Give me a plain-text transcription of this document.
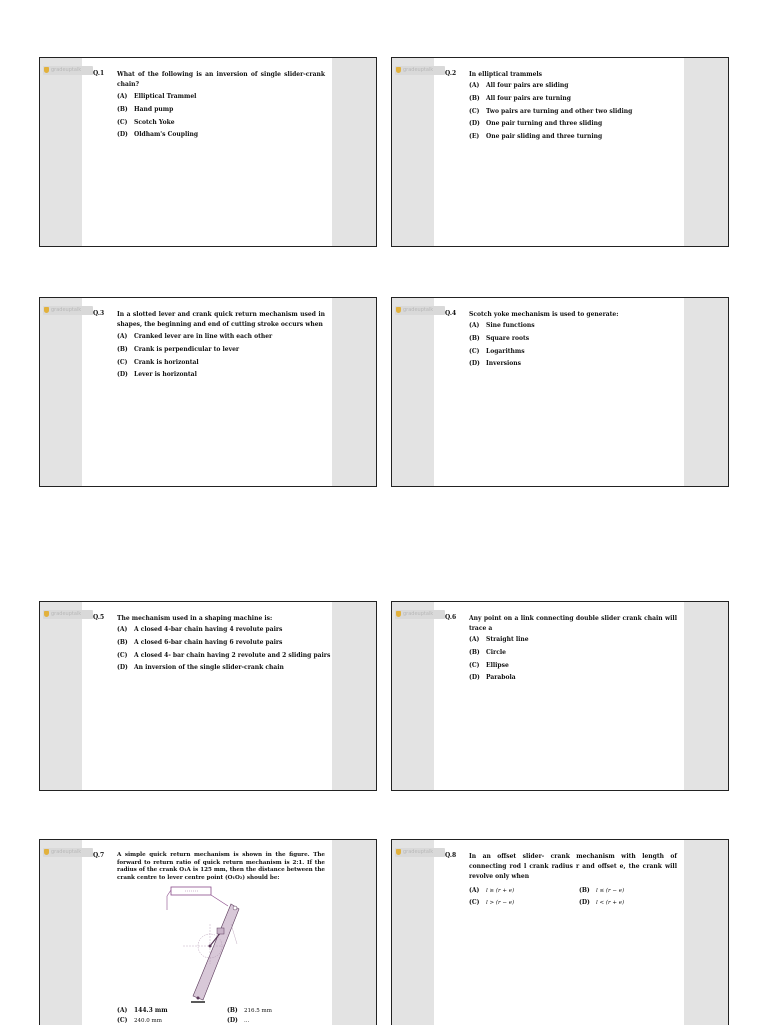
gradeuptalk	Q.1 What of the following is an inversion of single slider-crank chain?
(A)	Elliptical Trammel
(B)	Hand pump
(C)	Scotch Yoke
(D)	Oldham's Coupling
gradeuptalk	Q.2 In elliptical trammels
(A)	All four pairs are sliding
(B)	All four pairs are turning
(C)	Two pairs are turning and other two sliding
(D)	One pair turning and three sliding
(E)	One pair sliding and three turning
gradeuptalk	Q.3 In a slotted lever and crank quick return mechanism used in shapes, the beginning and end of cutting stroke occurs when
(A)	Cranked lever are in line with each other
(B)	Crank is perpendicular to lever
(C)	Crank is horizontal
(D)	Lever is horizontal
gradeuptalk	Q.4 Scotch yoke mechanism is used to generate:
(A)	Sine functions
(B)	Square roots
(C)	Logarithms
(D)	Inversions
gradeuptalk	Q.5 The mechanism used in a shaping machine is:
(A)	A closed 4-bar chain having 4 revolute pairs
(B)	A closed 6-bar chain having 6 revolute pairs
(C)	A closed 4- bar chain having 2 revolute and 2 sliding pairs
(D)	An inversion of the single slider-crank chain
gradeuptalk	Q.6 Any point on a link connecting double slider crank chain will trace a
(A)	Straight line
(B)	Circle
(C)	Ellipse
(D)	Parabola
gradeuptalk	Q.7 A simple quick return mechanism is shown in the figure. The forward to return ratio of quick return mechanism is 2:1. If the radius of the crank O₁A is 125 mm, then the distance between the crank centre to lever centre point (O₁O₂) should be:
(A)	144.3 mm	(B)	216.5 mm
(C)	240.0 mm	(D)	...
gradeuptalk	Q.8 In an offset slider- crank mechanism with length of connecting rod l crank radius r and offset e, the crank will revolve only when
(A)	l ≥ (r + e)	(B)	l ≤ (r − e)
(C)	l > (r − e)	(D)	l < (r + e)
